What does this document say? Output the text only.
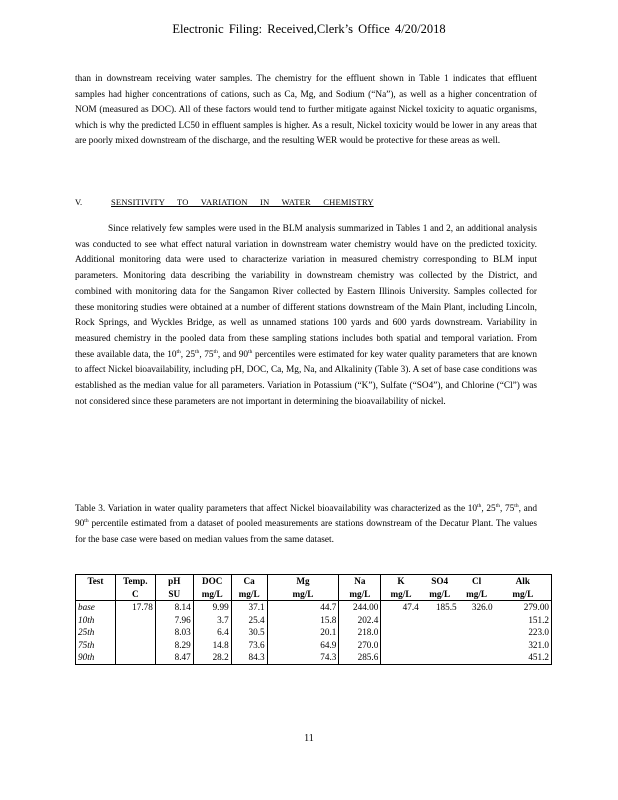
Electronic Filing: Received,Clerk’s Office 4/20/2018
than in downstream receiving water samples. The chemistry for the effluent shown in Table 1 indicates that effluent samples had higher concentrations of cations, such as Ca, Mg, and Sodium (“Na”), as well as a higher concentration of NOM (measured as DOC). All of these factors would tend to further mitigate against Nickel toxicity to aquatic organisms, which is why the predicted LC50 in effluent samples is higher. As a result, Nickel toxicity would be lower in any areas that are poorly mixed downstream of the discharge, and the resulting WER would be protective for these areas as well.
V.	SENSITIVITY TO VARIATION IN WATER CHEMISTRY
Since relatively few samples were used in the BLM analysis summarized in Tables 1 and 2, an additional analysis was conducted to see what effect natural variation in downstream water chemistry would have on the predicted toxicity. Additional monitoring data were used to characterize variation in measured chemistry corresponding to BLM input parameters. Monitoring data describing the variability in downstream chemistry was collected by the District, and combined with monitoring data for the Sangamon River collected by Eastern Illinois University. Samples collected for these monitoring studies were obtained at a number of different stations downstream of the Main Plant, including Lincoln, Rock Springs, and Wyckles Bridge, as well as unnamed stations 100 yards and 600 yards downstream. Variability in measured chemistry in the pooled data from these sampling stations includes both spatial and temporal variation. From these available data, the 10th, 25th, 75th, and 90th percentiles were estimated for key water quality parameters that are known to affect Nickel bioavailability, including pH, DOC, Ca, Mg, Na, and Alkalinity (Table 3). A set of base case conditions was established as the median value for all parameters. Variation in Potassium (“K”), Sulfate (“SO4”), and Chlorine (“Cl”) was not considered since these parameters are not important in determining the bioavailability of nickel.
Table 3. Variation in water quality parameters that affect Nickel bioavailability was characterized as the 10th, 25th, 75th, and 90th percentile estimated from a dataset of pooled measurements are stations downstream of the Decatur Plant. The values for the base case were based on median values from the same dataset.
Test	Temp.	pH	DOC	Ca	Mg	Na	K	SO4	Cl	Alk
	C	SU	mg/L	mg/L	mg/L	mg/L	mg/L	mg/L	mg/L	mg/L
base	17.78	8.14	9.99	37.1	44.7	244.00	47.4	185.5	326.0	279.00
10th		7.96	3.7	25.4	15.8	202.4				151.2
25th		8.03	6.4	30.5	20.1	218.0				223.0
75th		8.29	14.8	73.6	64.9	270.0				321.0
90th		8.47	28.2	84.3	74.3	285.6				451.2
11
